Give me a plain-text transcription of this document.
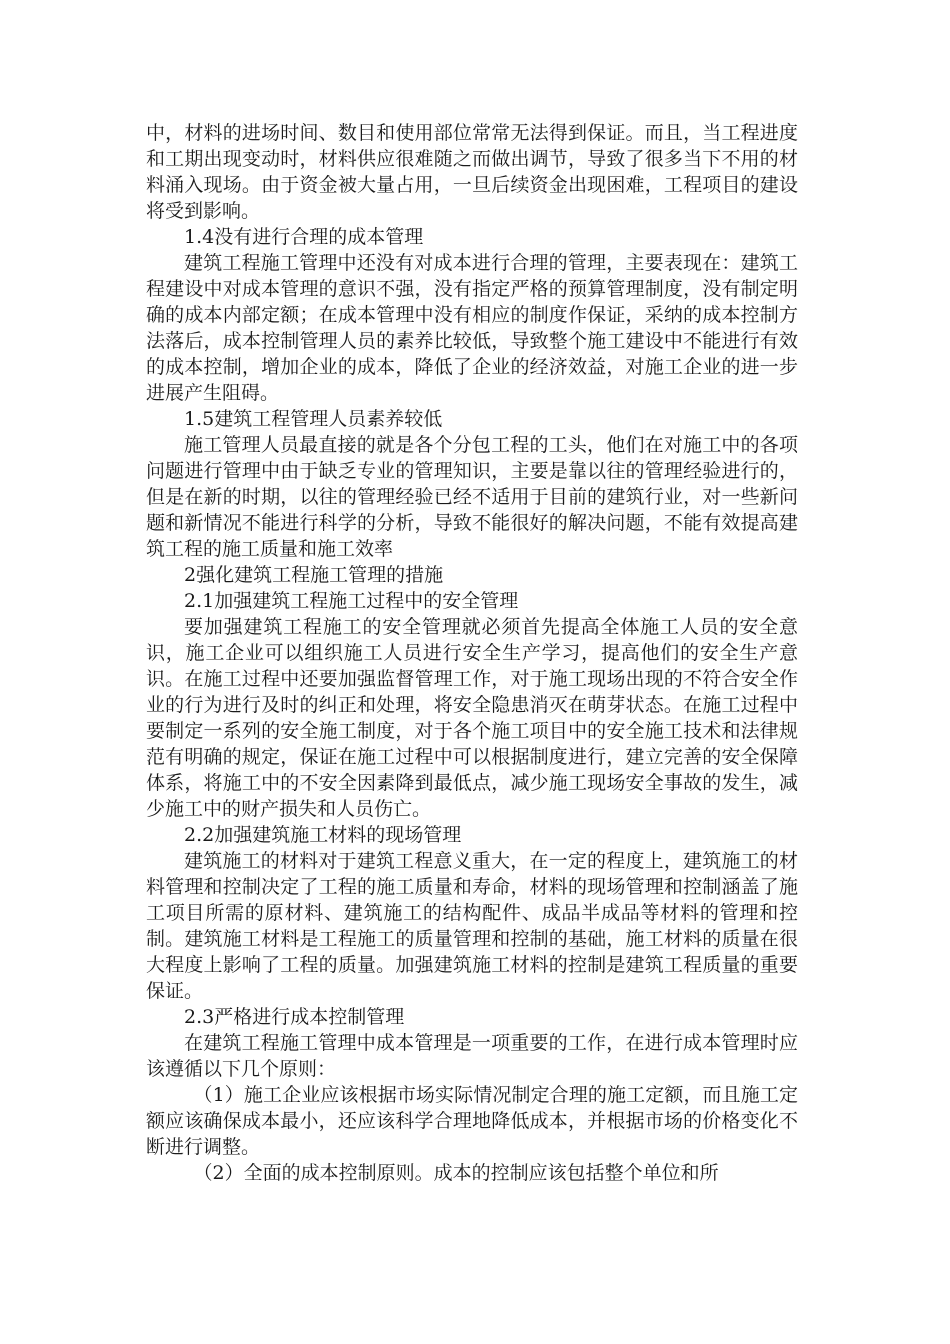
中，材料的进场时间、数目和使用部位常常无法得到保证。而且，当工程进度和工期出现变动时，材料供应很难随之而做出调节，导致了很多当下不用的材料涌入现场。由于资金被大量占用，一旦后续资金出现困难，工程项目的建设将受到影响。

1.4没有进行合理的成本管理

建筑工程施工管理中还没有对成本进行合理的管理，主要表现在：建筑工程建设中对成本管理的意识不强，没有指定严格的预算管理制度，没有制定明确的成本内部定额；在成本管理中没有相应的制度作保证，采纳的成本控制方法落后，成本控制管理人员的素养比较低，导致整个施工建设中不能进行有效的成本控制，增加企业的成本，降低了企业的经济效益，对施工企业的进一步进展产生阻碍。

1.5建筑工程管理人员素养较低

施工管理人员最直接的就是各个分包工程的工头，他们在对施工中的各项问题进行管理中由于缺乏专业的管理知识，主要是靠以往的管理经验进行的，但是在新的时期，以往的管理经验已经不适用于目前的建筑行业，对一些新问题和新情况不能进行科学的分析，导致不能很好的解决问题，不能有效提高建筑工程的施工质量和施工效率

2强化建筑工程施工管理的措施

2.1加强建筑工程施工过程中的安全管理

要加强建筑工程施工的安全管理就必须首先提高全体施工人员的安全意识，施工企业可以组织施工人员进行安全生产学习，提高他们的安全生产意识。在施工过程中还要加强监督管理工作，对于施工现场出现的不符合安全作业的行为进行及时的纠正和处理，将安全隐患消灭在萌芽状态。在施工过程中要制定一系列的安全施工制度，对于各个施工项目中的安全施工技术和法律规范有明确的规定，保证在施工过程中可以根据制度进行，建立完善的安全保障体系，将施工中的不安全因素降到最低点，减少施工现场安全事故的发生，减少施工中的财产损失和人员伤亡。

2.2加强建筑施工材料的现场管理

建筑施工的材料对于建筑工程意义重大，在一定的程度上，建筑施工的材料管理和控制决定了工程的施工质量和寿命，材料的现场管理和控制涵盖了施工项目所需的原材料、建筑施工的结构配件、成品半成品等材料的管理和控制。建筑施工材料是工程施工的质量管理和控制的基础，施工材料的质量在很大程度上影响了工程的质量。加强建筑施工材料的控制是建筑工程质量的重要保证。

2.3严格进行成本控制管理

在建筑工程施工管理中成本管理是一项重要的工作，在进行成本管理时应该遵循以下几个原则：

（1）施工企业应该根据市场实际情况制定合理的施工定额，而且施工定额应该确保成本最小，还应该科学合理地降低成本，并根据市场的价格变化不断进行调整。

（2）全面的成本控制原则。成本的控制应该包括整个单位和所
